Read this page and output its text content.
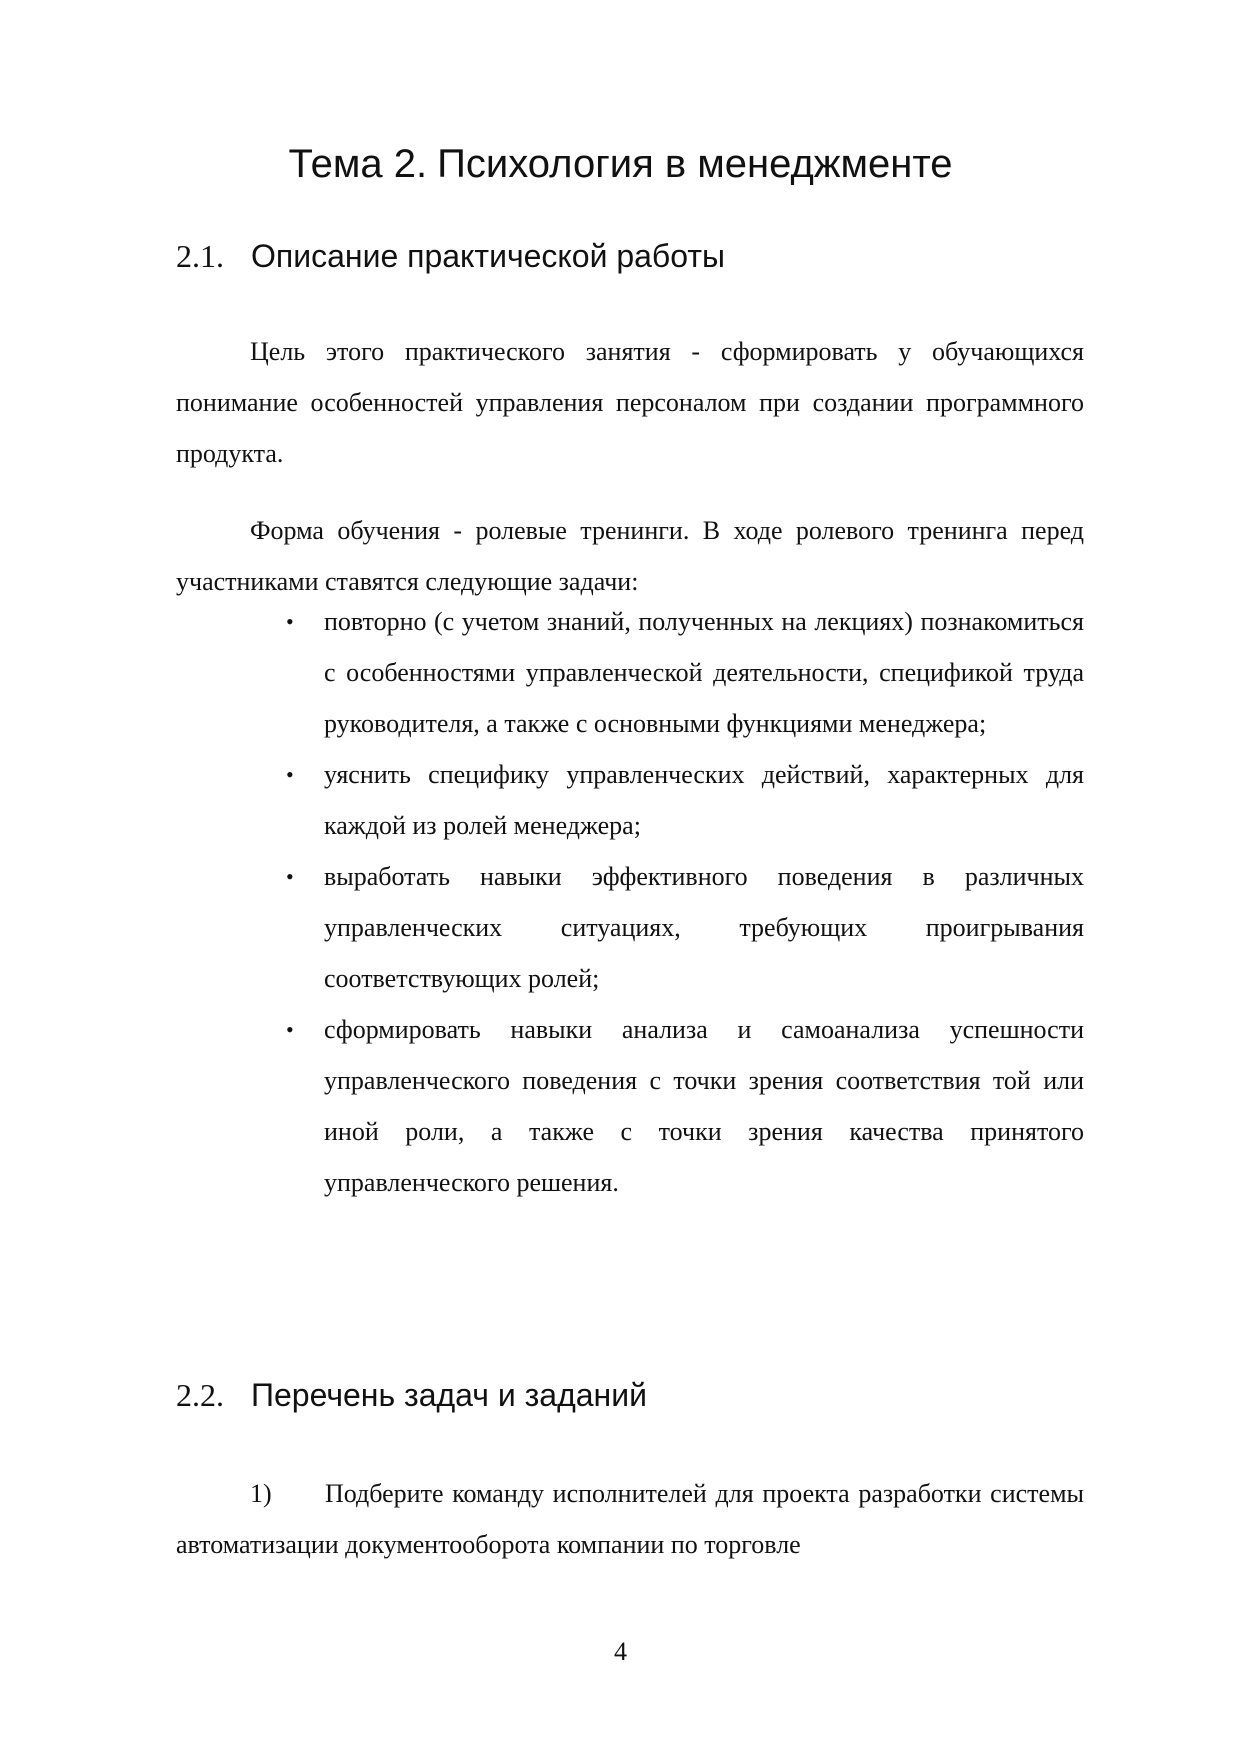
Тема 2. Психология в менеджменте
2.1. Описание практической работы

Цель этого практического занятия - сформировать у обучающихся понимание особенностей управления персоналом при создании программного продукта.

Форма обучения - ролевые тренинги. В ходе ролевого тренинга перед участниками ставятся следующие задачи:

•	повторно (с учетом знаний, полученных на лекциях) познакомиться с особенностями управленческой деятельности, спецификой труда руководителя, а также с основными функциями менеджера;
•	уяснить специфику управленческих действий, характерных для каждой из ролей менеджера;
•	выработать навыки эффективного поведения в различных управленческих ситуациях, требующих проигрывания соответствующих ролей;
•	сформировать навыки анализа и самоанализа успешности управленческого поведения с точки зрения соответствия той или иной роли, а также с точки зрения качества принятого управленческого решения.
2.2. Перечень задач и заданий

1) Подберите команду исполнителей для проекта разработки системы автоматизации документооборота компании по торговле

4
